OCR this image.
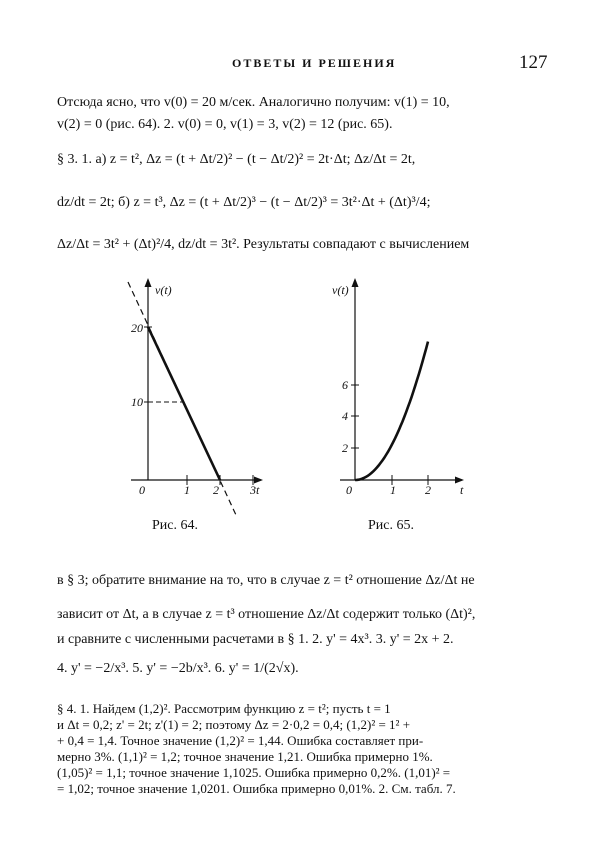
ОТВЕТЫ И РЕШЕНИЯ	127
Отсюда ясно, что v(0) = 20 м/сек. Аналогично получим: v(1) = 10,
v(2) = 0 (рис. 64). 2. v(0) = 0, v(1) = 3, v(2) = 12 (рис. 65).
§ 3. 1. а) z = t², Δz = (t + Δt/2)² − (t − Δt/2)² = 2t·Δt; Δz/Δt = 2t,
dz/dt = 2t; б) z = t³, Δz = (t + Δt/2)³ − (t − Δt/2)³ = 3t²·Δt + (Δt)³/4;
Δz/Δt = 3t² + (Δt)²/4, dz/dt = 3t². Результаты совпадают с вычислением
v(t)
t
0	1 2	3
10
20
Рис. 64.
v(t)
t
0	1 2
2
4
6
Рис. 65.
в § 3; обратите внимание на то, что в случае z = t² отношение Δz/Δt не
зависит от Δt, а в случае z = t³ отношение Δz/Δt содержит только (Δt)²,
и сравните с численными расчетами в § 1. 2. y' = 4x³. 3. y' = 2x + 2.
4. y' = −2/x³. 5. y' = −2b/x³. 6. y' = 1/(2√x).
§ 4. 1. Найдем (1,2)². Рассмотрим функцию z = t²; пусть t = 1
и Δt = 0,2; z' = 2t; z'(1) = 2; поэтому Δz = 2·0,2 = 0,4; (1,2)² = 1² +
+ 0,4 = 1,4. Точное значение (1,2)² = 1,44. Ошибка составляет при-
мерно 3%. (1,1)² = 1,2; точное значение 1,21. Ошибка примерно 1%.
(1,05)² = 1,1; точное значение 1,1025. Ошибка примерно 0,2%. (1,01)² =
= 1,02; точное значение 1,0201. Ошибка примерно 0,01%. 2. См. табл. 7.
